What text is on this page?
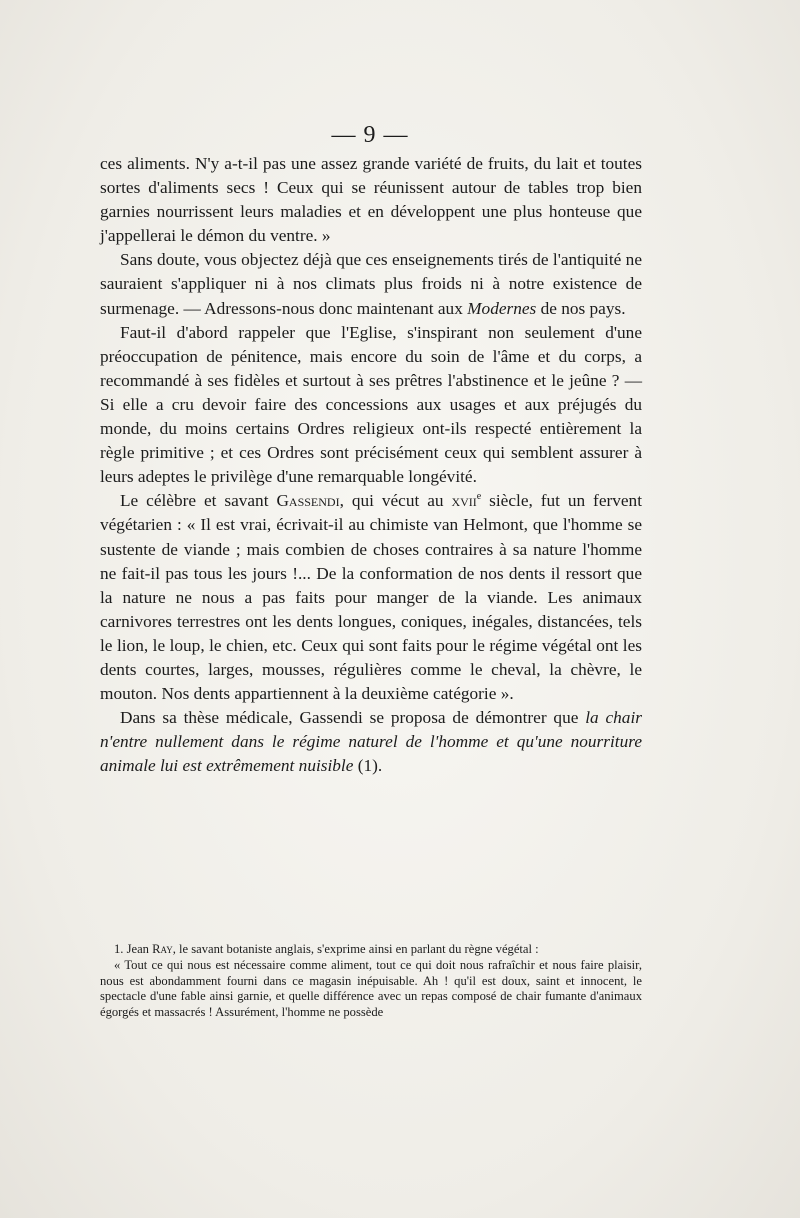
— 9 —

ces aliments. N'y a-t-il pas une assez grande variété de fruits, du lait et toutes sortes d'aliments secs ! Ceux qui se réunissent autour de tables trop bien garnies nourrissent leurs maladies et en développent une plus honteuse que j'appellerai le démon du ventre. »

Sans doute, vous objectez déjà que ces enseignements tirés de l'antiquité ne sauraient s'appliquer ni à nos climats plus froids ni à notre existence de surmenage. — Adressons-nous donc maintenant aux Modernes de nos pays.

Faut-il d'abord rappeler que l'Eglise, s'inspirant non seulement d'une préoccupation de pénitence, mais encore du soin de l'âme et du corps, a recommandé à ses fidèles et surtout à ses prêtres l'abstinence et le jeûne ? — Si elle a cru devoir faire des concessions aux usages et aux préjugés du monde, du moins certains Ordres religieux ont-ils respecté entièrement la règle primitive ; et ces Ordres sont précisément ceux qui semblent assurer à leurs adeptes le privilège d'une remarquable longévité.

Le célèbre et savant Gassendi, qui vécut au xvii$^e$ siècle, fut un fervent végétarien : « Il est vrai, écrivait-il au chimiste van Helmont, que l'homme se sustente de viande ; mais combien de choses contraires à sa nature l'homme ne fait-il pas tous les jours !... De la conformation de nos dents il ressort que la nature ne nous a pas faits pour manger de la viande. Les animaux carnivores terrestres ont les dents longues, coniques, inégales, distancées, tels le lion, le loup, le chien, etc. Ceux qui sont faits pour le régime végétal ont les dents courtes, larges, mousses, régulières comme le cheval, la chèvre, le mouton. Nos dents appartiennent à la deuxième catégorie ».

Dans sa thèse médicale, Gassendi se proposa de démontrer que la chair n'entre nullement dans le régime naturel de l'homme et qu'une nourriture animale lui est extrêmement nuisible (1).

1. Jean Ray, le savant botaniste anglais, s'exprime ainsi en parlant du règne végétal :

« Tout ce qui nous est nécessaire comme aliment, tout ce qui doit nous rafraîchir et nous faire plaisir, nous est abondamment fourni dans ce magasin inépuisable. Ah ! qu'il est doux, saint et innocent, le spectacle d'une fable ainsi garnie, et quelle différence avec un repas composé de chair fumante d'animaux égorgés et massacrés ! Assurément, l'homme ne possède
